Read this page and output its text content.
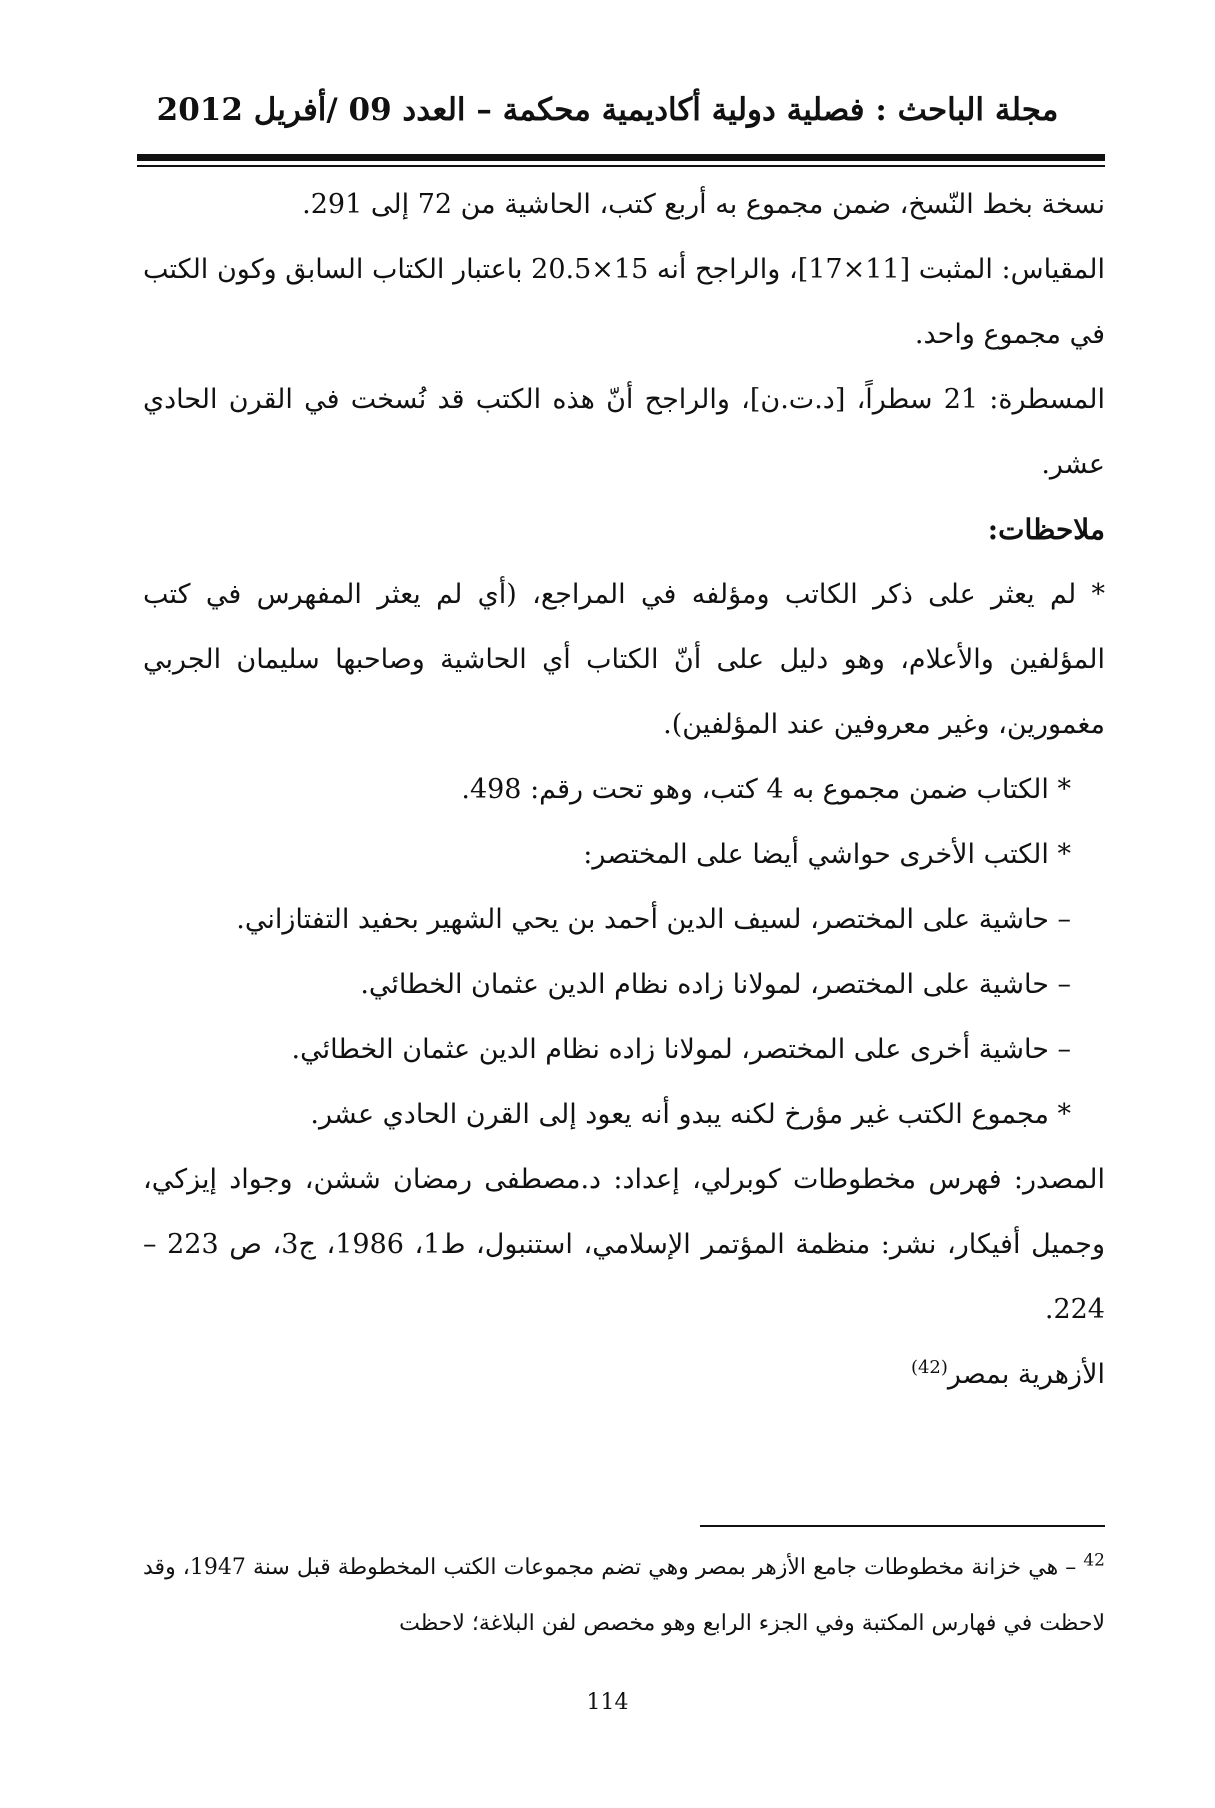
مجلة الباحث : فصلية دولية أكاديمية محكمة – العدد 09 /أفريل 2012

نسخة بخط النّسخ، ضمن مجموع به أربع كتب، الحاشية من 72 إلى 291.

المقياس: المثبت [11×17]، والراجح أنه 15×20.5 باعتبار الكتاب السابق وكون الكتب في مجموع واحد.

المسطرة: 21 سطراً، [د.ت.ن]، والراجح أنّ هذه الكتب قد نُسخت في القرن الحادي عشر.

ملاحظات:

* لم يعثر على ذكر الكاتب ومؤلفه في المراجع، (أي لم يعثر المفهرس في كتب المؤلفين والأعلام، وهو دليل على أنّ الكتاب أي الحاشية وصاحبها سليمان الجربي مغمورين، وغير معروفين عند المؤلفين).

* الكتاب ضمن مجموع به 4 كتب، وهو تحت رقم: 498.

* الكتب الأخرى حواشي أيضا على المختصر:

– حاشية على المختصر، لسيف الدين أحمد بن يحي الشهير بحفيد التفتازاني.

– حاشية على المختصر، لمولانا زاده نظام الدين عثمان الخطائي.

– حاشية أخرى على المختصر، لمولانا زاده نظام الدين عثمان الخطائي.

* مجموع الكتب غير مؤرخ لكنه يبدو أنه يعود إلى القرن الحادي عشر.

المصدر: فهرس مخطوطات كوبرلي، إعداد: د.مصطفى رمضان ششن، وجواد إيزكي، وجميل أفيكار، نشر: منظمة المؤتمر الإسلامي، استنبول، ط1، 1986، ج3، ص 223 – 224.

الأزهرية بمصر$^{(42)}$

$^{42}$ – هي خزانة مخطوطات جامع الأزهر بمصر وهي تضم مجموعات الكتب المخطوطة قبل سنة 1947، وقد لاحظت في فهارس المكتبة وفي الجزء الرابع وهو مخصص لفن البلاغة؛ لاحظت
114
